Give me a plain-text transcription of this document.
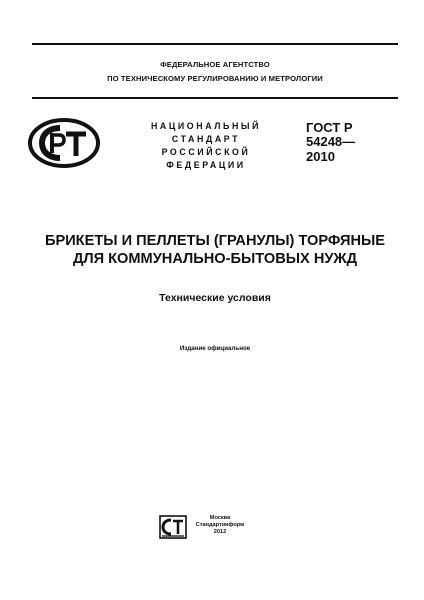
ФЕДЕРАЛЬНОЕ АГЕНТСТВО
ПО ТЕХНИЧЕСКОМУ РЕГУЛИРОВАНИЮ И МЕТРОЛОГИИ
НАЦИОНАЛЬНЫЙ
СТАНДАРТ
РОССИЙСКОЙ
ФЕДЕРАЦИИ
ГОСТ Р
54248—
2010
БРИКЕТЫ И ПЕЛЛЕТЫ (ГРАНУЛЫ) ТОРФЯНЫЕ
ДЛЯ КОММУНАЛЬНО-БЫТОВЫХ НУЖД
Технические условия
Издание официальное
Москва
Стандартинформ
2012
